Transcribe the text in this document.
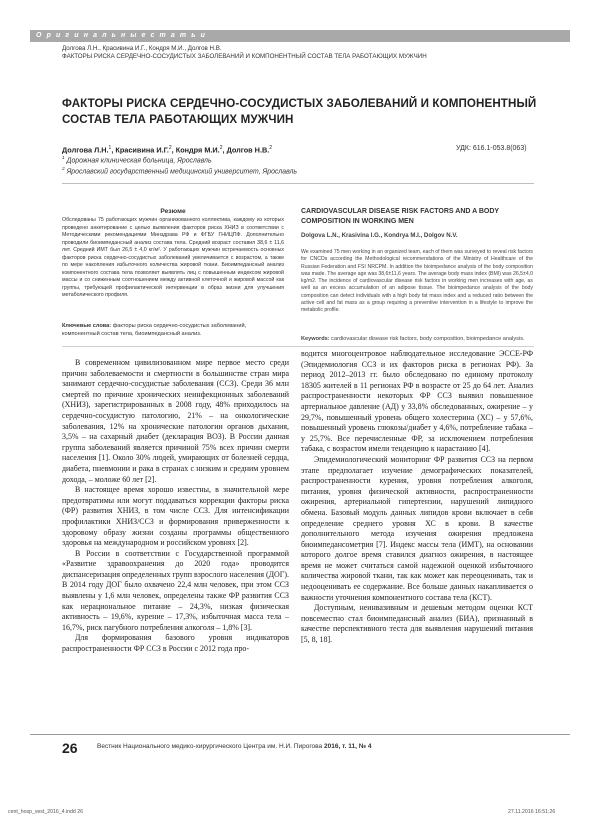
О р и г и н а л ь н ы е с т а т ь и
Долгова Л.Н., Красивина И.Г., Кондря М.И., Долгов Н.В.
ФАКТОРЫ РИСКА СЕРДЕЧНО-СОСУДИСТЫХ ЗАБОЛЕВАНИЙ И КОМПОНЕНТНЫЙ СОСТАВ ТЕЛА РАБОТАЮЩИХ МУЖЧИН
ФАКТОРЫ РИСКА СЕРДЕЧНО-СОСУДИСТЫХ ЗАБОЛЕВАНИЙ И КОМПОНЕНТНЫЙ СОСТАВ ТЕЛА РАБОТАЮЩИХ МУЖЧИН
Долгова Л.Н.$^1$, Красивина И.Г.$^2$, Кондря М.И.$^2$, Долгов Н.В.$^2$	УДК: 616.1-053.8(063)
$^1$ Дорожная клиническая больница, Ярославль
$^2$ Ярославский государственный медицинский университет, Ярославль
Резюме
Обследованы 75 работающих мужчин организованного коллектива, каждому из которых проведено анкетирование с целью выявления факторов риска ХНИЗ в соответствии с Методическими рекомендациями Минздрава РФ и ФГБУ ГНИЦПФ. Дополнительно проводили биоимпедансный анализ состава тела. Средний возраст составил 38,6 ± 11,6 лет. Средний ИМТ был 26,5 ± 4,0 кг/м². У работающих мужчин встречаемость основных факторов риска сердечно-сосудистых заболеваний увеличивается с возрастом, а также по мере накопления избыточного количества жировой ткани. Биоимпедансный анализ компонентного состава тела позволяет выявлять лиц с повышенным индексом жировой массы и со сниженным соотношением между активной клеточной и жировой массой как группы, требующей профилактической интервенции в образ жизни для улучшения метаболического профиля.
Ключевые слова: факторы риска сердечно-сосудистых заболеваний, компонентный состав тела, биоимпедансный анализ.
CARDIOVASCULAR DISEASE RISK FACTORS AND A BODY COMPOSITION IN WORKING MEN
Dolgova L.N., Krasivina I.G., Kondrya M.I., Dolgov N.V.
We examined 75 men working in an organized team, each of them was surveyed to reveal risk factors for CNCDs according the Methodological recommendations of the Ministry of Healthcare of the Russian Federation and FSI NRCPM. In addition the bioimpedance analysis of the body composition was made. The average age was 38,6±11,6 years. The average body mass index (BMI) was 26,5±4,0 kg/m2. The incidence of cardiovascular disease risk factors in working men increases with age, as well as an excess accumulation of an adipose tissue. The bioimpedance analysis of the body composition can detect individuals with a high body fat mass index and a reduced ratio between the active cell and fat mass as a group requiring a preventive intervention in a lifestyle to improve the metabolic profile.
Keywords: cardiovascular disease risk factors, body composition, bioimpedance analysis.

В современном цивилизованном мире первое место среди причин заболеваемости и смертности в большинстве стран мира занимают сердечно-сосудистые заболевания (ССЗ). Среди 36 млн смертей по причине хронических неинфекционных заболеваний (ХНИЗ), зарегистрированных в 2008 году, 48% приходилось на сердечно-сосудистую патологию, 21% – на онкологические заболевания, 12% на хронические патологии органов дыхания, 3,5% – на сахарный диабет (декларация ВОЗ). В России данная группа заболеваний является причиной 75% всех причин смерти населения [1]. Около 30% людей, умирающих от болезней сердца, диабета, пневмонии и рака в странах с низким и средним уровнем дохода, – моложе 60 лет [2].

В настоящее время хорошо известны, в значительной мере предотвратимы или могут поддаваться коррекции факторы риска (ФР) развития ХНИЗ, в том числе ССЗ. Для интенсификации профилактики ХНИЗ/ССЗ и формирования приверженности к здоровому образу жизни созданы программы общественного здоровья на международном и российском уровнях [2].

В России в соответствии с Государственной программой «Развитие здравоохранения до 2020 года» проводится диспансеризация определенных групп взрослого населения (ДОГ). В 2014 году ДОГ было охвачено 22,4 млн человек, при этом ССЗ выявлены у 1,6 млн человек, определены также ФР развития ССЗ как нерациональное питание – 24,3%, низкая физическая активность – 19,6%, курение – 17,3%, избыточная масса тела – 16,7%, риск пагубного потребления алкоголя – 1,8% [3].

Для формирования базового уровня индикаторов распространенности ФР ССЗ в России с 2012 года про-

водится многоцентровое наблюдательное исследование ЭССЕ-РФ (Эпидемиология ССЗ и их факторов риска в регионах РФ). За период 2012–2013 гг. было обследовано по единому протоколу 18305 жителей в 11 регионах РФ в возрасте от 25 до 64 лет. Анализ распространенности некоторых ФР ССЗ выявил повышенное артериальное давление (АД) у 33,8% обследованных, ожирение – у 29,7%, повышенный уровень общего холестерина (ХС) – у 57,6%, повышенный уровень глюкозы/диабет у 4,6%, потребление табака – у 25,7%. Все перечисленные ФР, за исключением потребления табака, с возрастом имели тенденцию к нарастанию [4].

Эпидемиологический мониторинг ФР развития ССЗ на первом этапе предполагает изучение демографических показателей, распространенности курения, уровня потребления алкоголя, питания, уровня физической активности, распространенности ожирения, артериальной гипертензии, нарушений липидного обмена. Базовый модуль данных липидов крови включает в себя определение среднего уровня ХС в крови. В качестве дополнительного метода изучения ожирения предложена биоимпедансометрия [7]. Индекс массы тела (ИМТ), на основании которого долгое время ставился диагноз ожирения, в настоящее время не может считаться самой надежной оценкой избыточного количества жировой ткани, так как может как переоценивать, так и недооценивать ее содержание. Все больше данных накапливается о важности уточнения компонентного состава тела (КСТ).

Доступным, неинвазивным и дешевым методом оценки КСТ повсеместно стал биоимпедансный анализ (БИА), признанный в качестве перспективного теста для выявления нарушений питания [5, 8, 18].

26	Вестник Национального медико-хирургического Центра им. Н.И. Пирогова 2016, т. 11, № 4
cent_hosp_vest_2016_4.indd 26	27.11.2016 16:51:26
